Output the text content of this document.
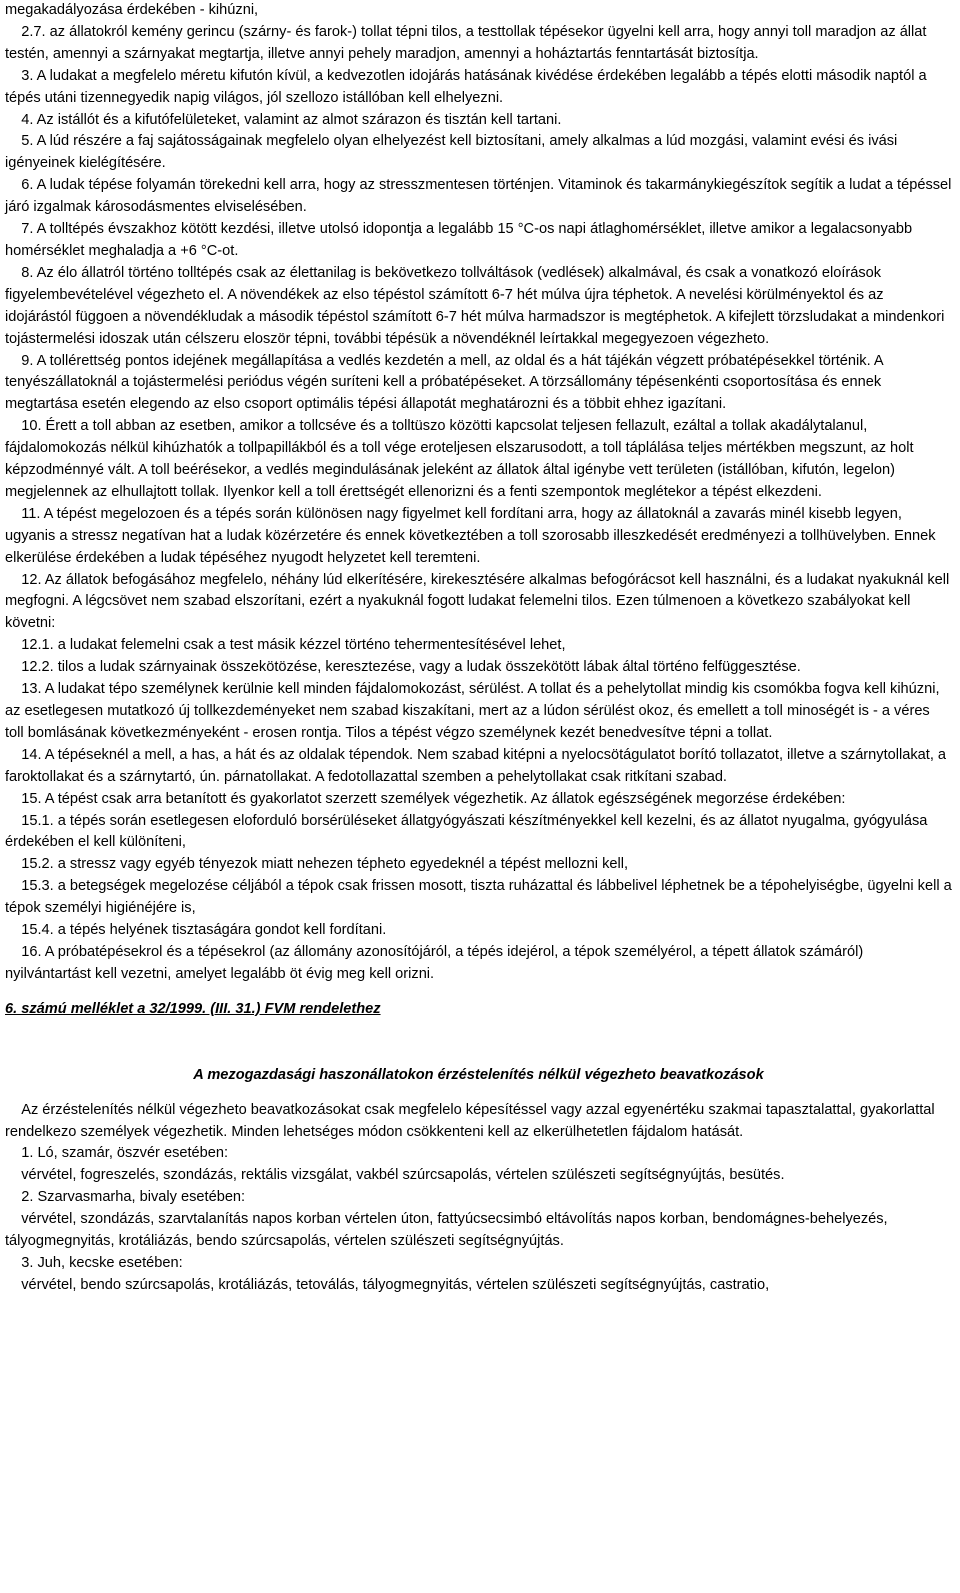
megakadályozása érdekében - kihúzni,

2.7. az állatokról kemény gerincu (szárny- és farok-) tollat tépni tilos, a testtollak tépésekor ügyelni kell arra, hogy annyi toll maradjon az állat testén, amennyi a szárnyakat megtartja, illetve annyi pehely maradjon, amennyi a hoháztartás fenntartását biztosítja.

3. A ludakat a megfelelo méretu kifutón kívül, a kedvezotlen idojárás hatásának kivédése érdekében legalább a tépés elotti második naptól a tépés utáni tizennegyedik napig világos, jól szellozo istállóban kell elhelyezni.

4. Az istállót és a kifutófelületeket, valamint az almot szárazon és tisztán kell tartani.

5. A lúd részére a faj sajátosságainak megfelelo olyan elhelyezést kell biztosítani, amely alkalmas a lúd mozgási, valamint evési és ivási igényeinek kielégítésére.

6. A ludak tépése folyamán törekedni kell arra, hogy az stresszmentesen történjen. Vitaminok és takarmánykiegészítok segítik a ludat a tépéssel járó izgalmak károsodásmentes elviselésében.

7. A tolltépés évszakhoz kötött kezdési, illetve utolsó idopontja a legalább 15 °C-os napi átlaghomérséklet, illetve amikor a legalacsonyabb homérséklet meghaladja a +6 °C-ot.

8. Az élo állatról történo tolltépés csak az élettanilag is bekövetkezo tollváltások (vedlések) alkalmával, és csak a vonatkozó eloírások figyelembevételével végezheto el. A növendékek az elso tépéstol számított 6-7 hét múlva újra téphetok. A nevelési körülményektol és az idojárástól függoen a növendékludak a második tépéstol számított 6-7 hét múlva harmadszor is megtéphetok. A kifejlett törzsludakat a mindenkori tojástermelési idoszak után célszeru eloször tépni, további tépésük a növendéknél leírtakkal megegyezoen végezheto.

9. A tollérettség pontos idejének megállapítása a vedlés kezdetén a mell, az oldal és a hát tájékán végzett próbatépésekkel történik. A tenyészállatoknál a tojástermelési periódus végén suríteni kell a próbatépéseket. A törzsállomány tépésenkénti csoportosítása és ennek megtartása esetén elegendo az elso csoport optimális tépési állapotát meghatározni és a többit ehhez igazítani.

10. Érett a toll abban az esetben, amikor a tollcséve és a tolltüszo közötti kapcsolat teljesen fellazult, ezáltal a tollak akadálytalanul, fájdalomokozás nélkül kihúzhatók a tollpapillákból és a toll vége eroteljesen elszarusodott, a toll táplálása teljes mértékben megszunt, az holt képzodménnyé vált. A toll beérésekor, a vedlés megindulásának jeleként az állatok által igénybe vett területen (istállóban, kifutón, legelon) megjelennek az elhullajtott tollak. Ilyenkor kell a toll érettségét ellenorizni és a fenti szempontok meglétekor a tépést elkezdeni.

11. A tépést megelozoen és a tépés során különösen nagy figyelmet kell fordítani arra, hogy az állatoknál a zavarás minél kisebb legyen, ugyanis a stressz negatívan hat a ludak közérzetére és ennek következtében a toll szorosabb illeszkedését eredményezi a tollhüvelyben. Ennek elkerülése érdekében a ludak tépéséhez nyugodt helyzetet kell teremteni.

12. Az állatok befogásához megfelelo, néhány lúd elkerítésére, kirekesztésére alkalmas befogórácsot kell használni, és a ludakat nyakuknál kell megfogni. A légcsövet nem szabad elszorítani, ezért a nyakuknál fogott ludakat felemelni tilos. Ezen túlmenoen a következo szabályokat kell követni:

12.1. a ludakat felemelni csak a test másik kézzel történo tehermentesítésével lehet,

12.2. tilos a ludak szárnyainak összekötözése, keresztezése, vagy a ludak összekötött lábak által történo felfüggesztése.

13. A ludakat tépo személynek kerülnie kell minden fájdalomokozást, sérülést. A tollat és a pehelytollat mindig kis csomókba fogva kell kihúzni, az esetlegesen mutatkozó új tollkezdeményeket nem szabad kiszakítani, mert az a lúdon sérülést okoz, és emellett a toll minoségét is - a véres toll bomlásának következményeként - erosen rontja. Tilos a tépést végzo személynek kezét benedvesítve tépni a tollat.

14. A tépéseknél a mell, a has, a hát és az oldalak tépendok. Nem szabad kitépni a nyelocsötágulatot borító tollazatot, illetve a szárnytollakat, a faroktollakat és a szárnytartó, ún. párnatollakat. A fedotollazattal szemben a pehelytollakat csak ritkítani szabad.

15. A tépést csak arra betanított és gyakorlatot szerzett személyek végezhetik. Az állatok egészségének megorzése érdekében:

15.1. a tépés során esetlegesen eloforduló borsérüléseket állatgyógyászati készítményekkel kell kezelni, és az állatot nyugalma, gyógyulása érdekében el kell különíteni,

15.2. a stressz vagy egyéb tényezok miatt nehezen tépheto egyedeknél a tépést mellozni kell,

15.3. a betegségek megelozése céljából a tépok csak frissen mosott, tiszta ruházattal és lábbelivel léphetnek be a tépohelyiségbe, ügyelni kell a tépok személyi higiénéjére is,

15.4. a tépés helyének tisztaságára gondot kell fordítani.

16. A próbatépésekrol és a tépésekrol (az állomány azonosítójáról, a tépés idejérol, a tépok személyérol, a tépett állatok számáról) nyilvántartást kell vezetni, amelyet legalább öt évig meg kell orizni.

6. számú melléklet a 32/1999. (III. 31.) FVM rendelethez

A mezogazdasági haszonállatokon érzéstelenítés nélkül végezheto beavatkozások

Az érzéstelenítés nélkül végezheto beavatkozásokat csak megfelelo képesítéssel vagy azzal egyenértéku szakmai tapasztalattal, gyakorlattal rendelkezo személyek végezhetik. Minden lehetséges módon csökkenteni kell az elkerülhetetlen fájdalom hatását.

1. Ló, szamár, öszvér esetében:

vérvétel, fogreszelés, szondázás, rektális vizsgálat, vakbél szúrcsapolás, vértelen szülészeti segítségnyújtás, besütés.

2. Szarvasmarha, bivaly esetében:

vérvétel, szondázás, szarvtalanítás napos korban vértelen úton, fattyúcsecsimbó eltávolítás napos korban, bendomágnes-behelyezés, tályogmegnyitás, krotáliázás, bendo szúrcsapolás, vértelen szülészeti segítségnyújtás.

3. Juh, kecske esetében:

vérvétel, bendo szúrcsapolás, krotáliázás, tetoválás, tályogmegnyitás, vértelen szülészeti segítségnyújtás, castratio,
